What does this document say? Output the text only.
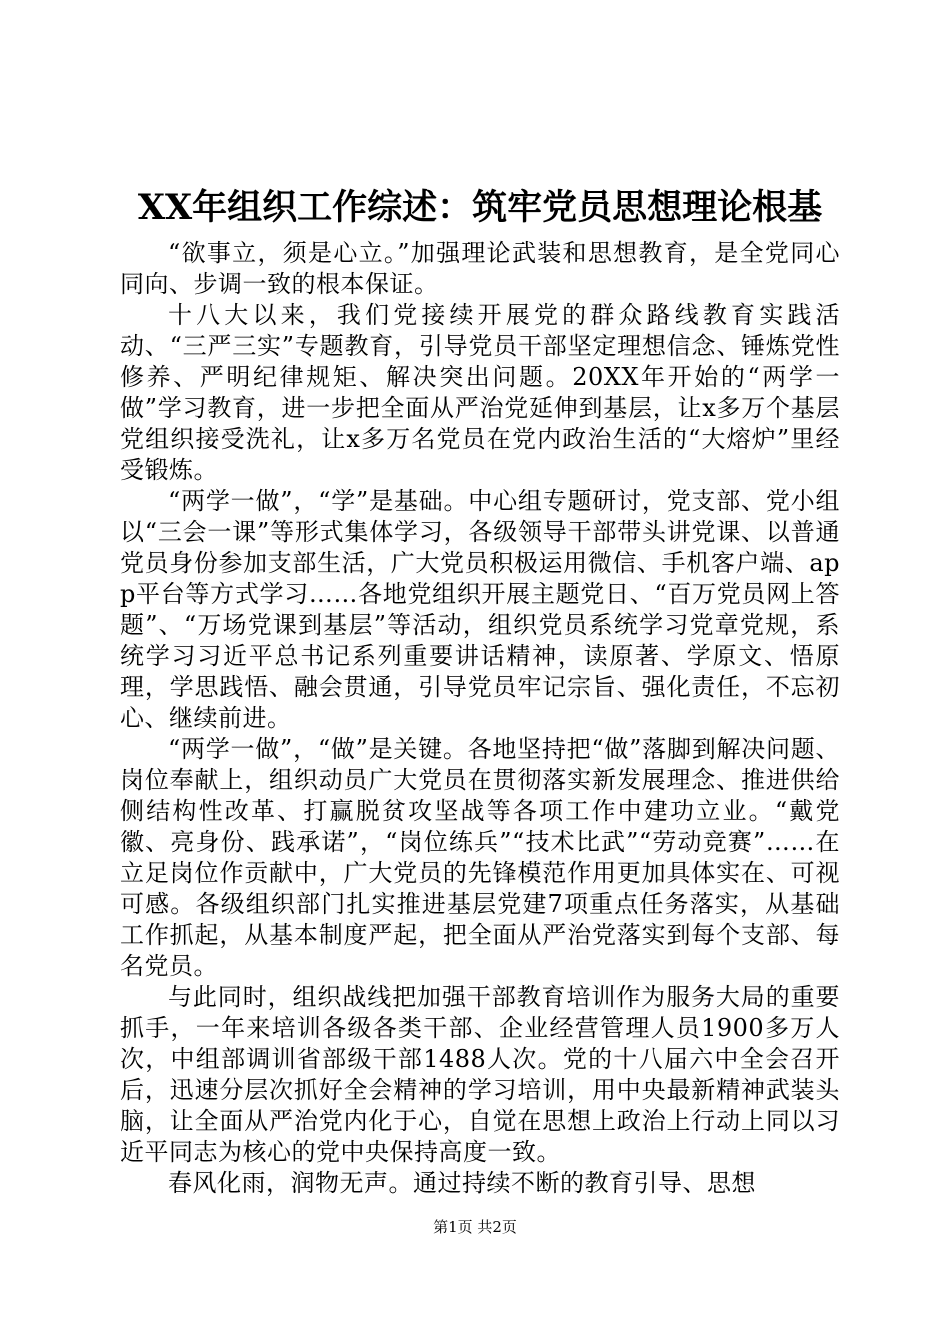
XX年组织工作综述：筑牢党员思想理论根基

“欲事立，须是心立。”加强理论武装和思想教育，是全党同心同向、步调一致的根本保证。

十八大以来，我们党接续开展党的群众路线教育实践活动、“三严三实”专题教育，引导党员干部坚定理想信念、锤炼党性修养、严明纪律规矩、解决突出问题。20XX年开始的“两学一做”学习教育，进一步把全面从严治党延伸到基层，让x多万个基层党组织接受洗礼，让x多万名党员在党内政治生活的“大熔炉”里经受锻炼。

“两学一做”，“学”是基础。中心组专题研讨，党支部、党小组以“三会一课”等形式集体学习，各级领导干部带头讲党课、以普通党员身份参加支部生活，广大党员积极运用微信、手机客户端、app平台等方式学习……各地党组织开展主题党日、“百万党员网上答题”、“万场党课到基层”等活动，组织党员系统学习党章党规，系统学习习近平总书记系列重要讲话精神，读原著、学原文、悟原理，学思践悟、融会贯通，引导党员牢记宗旨、强化责任，不忘初心、继续前进。

“两学一做”，“做”是关键。各地坚持把“做”落脚到解决问题、岗位奉献上，组织动员广大党员在贯彻落实新发展理念、推进供给侧结构性改革、打赢脱贫攻坚战等各项工作中建功立业。“戴党徽、亮身份、践承诺”，“岗位练兵”“技术比武”“劳动竞赛”……在立足岗位作贡献中，广大党员的先锋模范作用更加具体实在、可视可感。各级组织部门扎实推进基层党建7项重点任务落实，从基础工作抓起，从基本制度严起，把全面从严治党落实到每个支部、每名党员。

与此同时，组织战线把加强干部教育培训作为服务大局的重要抓手，一年来培训各级各类干部、企业经营管理人员1900多万人次，中组部调训省部级干部1488人次。党的十八届六中全会召开后，迅速分层次抓好全会精神的学习培训，用中央最新精神武装头脑，让全面从严治党内化于心，自觉在思想上政治上行动上同以习近平同志为核心的党中央保持高度一致。

春风化雨，润物无声。通过持续不断的教育引导、思想

第1页 共2页
